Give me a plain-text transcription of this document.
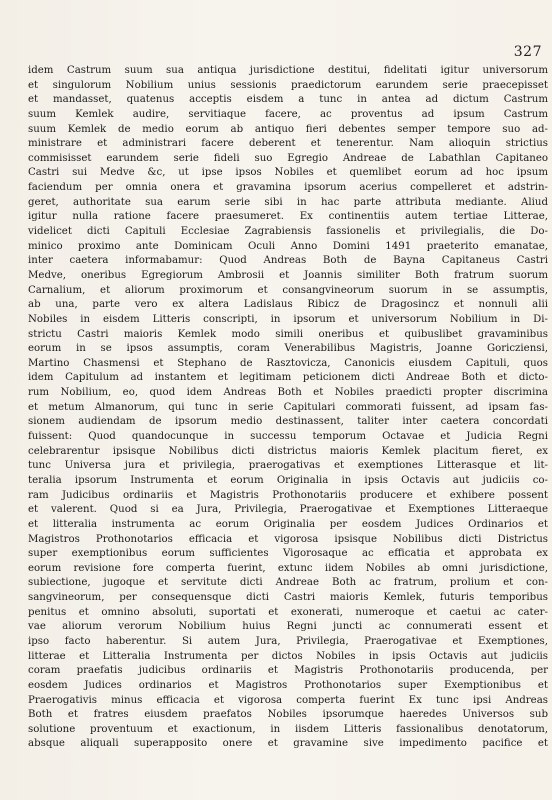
327
idem Castrum suum sua antiqua jurisdictione destitui, fidelitati igitur universorum
et singulorum Nobilium unius sessionis praedictorum earundem serie praecepisset
et mandasset, quatenus acceptis eisdem a tunc in antea ad dictum Castrum
suum Kemlek audire, servitiaque facere, ac proventus ad ipsum Castrum
suum Kemlek de medio eorum ab antiquo fieri debentes semper tempore suo ad-
ministrare et administrari facere deberent et tenerentur. Nam alioquin strictius
commisisset earundem serie fideli suo Egregio Andreae de Labathlan Capitaneo
Castri sui Medve &c, ut ipse ipsos Nobiles et quemlibet eorum ad hoc ipsum
faciendum per omnia onera et gravamina ipsorum acerius compelleret et adstrin-
geret, authoritate sua earum serie sibi in hac parte attributa mediante. Aliud
igitur nulla ratione facere praesumeret. Ex continentiis autem tertiae Litterae,
videlicet dicti Capituli Ecclesiae Zagrabiensis fassionelis et privilegialis, die Do-
minico proximo ante Dominicam Oculi Anno Domini 1491 praeterito emanatae,
inter caetera informabamur: Quod Andreas Both de Bayna Capitaneus Castri
Medve, oneribus Egregiorum Ambrosii et Joannis similiter Both fratrum suorum
Carnalium, et aliorum proximorum et consangvineorum suorum in se assumptis,
ab una, parte vero ex altera Ladislaus Ribicz de Dragosincz et nonnuli alii
Nobiles in eisdem Litteris conscripti, in ipsorum et universorum Nobilium in Di-
strictu Castri maioris Kemlek modo simili oneribus et quibuslibet gravaminibus
eorum in se ipsos assumptis, coram Venerabilibus Magistris, Joanne Goricziensi,
Martino Chasmensi et Stephano de Rasztovicza, Canonicis eiusdem Capituli, quos
idem Capitulum ad instantem et legitimam peticionem dicti Andreae Both et dicto-
rum Nobilium, eo, quod idem Andreas Both et Nobiles praedicti propter discrimina
et metum Almanorum, qui tunc in serie Capitulari commorati fuissent, ad ipsam fas-
sionem audiendam de ipsorum medio destinassent, taliter inter caetera concordati
fuissent: Quod quandocunque in successu temporum Octavae et Judicia Regni
celebrarentur ipsisque Nobilibus dicti districtus maioris Kemlek placitum fieret, ex
tunc Universa jura et privilegia, praerogativas et exemptiones Litterasque et lit-
teralia ipsorum Instrumenta et eorum Originalia in ipsis Octavis aut judiciis co-
ram Judicibus ordinariis et Magistris Prothonotariis producere et exhibere possent
et valerent. Quod si ea Jura, Privilegia, Praerogativae et Exemptiones Litteraeque
et litteralia instrumenta ac eorum Originalia per eosdem Judices Ordinarios et
Magistros Prothonotarios efficacia et vigorosa ipsisque Nobilibus dicti Districtus
super exemptionibus eorum sufficientes Vigorosaque ac efficatia et approbata ex
eorum revisione fore comperta fuerint, extunc iidem Nobiles ab omni jurisdictione,
subiectione, jugoque et servitute dicti Andreae Both ac fratrum, prolium et con-
sangvineorum, per consequensque dicti Castri maioris Kemlek, futuris temporibus
penitus et omnino absoluti, suportati et exonerati, numeroque et caetui ac cater-
vae aliorum verorum Nobilium huius Regni juncti ac connumerati essent et
ipso facto haberentur. Si autem Jura, Privilegia, Praerogativae et Exemptiones,
litterae et Litteralia Instrumenta per dictos Nobiles in ipsis Octavis aut judiciis
coram praefatis judicibus ordinariis et Magistris Prothonotariis producenda, per
eosdem Judices ordinarios et Magistros Prothonotarios super Exemptionibus et
Praerogativis minus efficacia et vigorosa comperta fuerint Ex tunc ipsi Andreas
Both et fratres eiusdem praefatos Nobiles ipsorumque haeredes Universos sub
solutione proventuum et exactionum, in iisdem Litteris fassionalibus denotatorum,
absque aliquali superapposito onere et gravamine sive impedimento pacifice et
